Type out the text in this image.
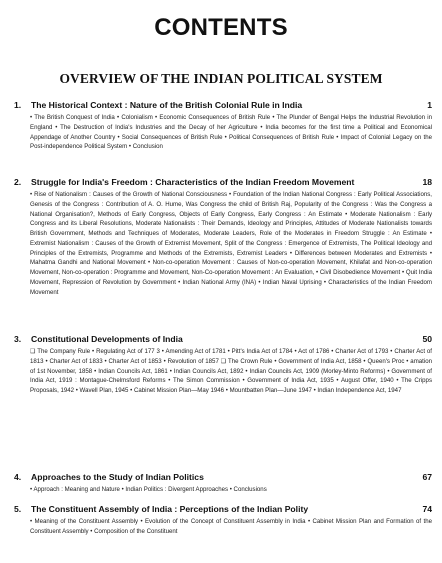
CONTENTS
OVERVIEW OF THE INDIAN POLITICAL SYSTEM
1. The Historical Context : Nature of the British Colonial Rule in India	1
• The British Conquest of India • Colonialism • Economic Consequences of British Rule • The Plunder of Bengal Helps the Industrial Revolution in England • The Destruction of India's Industries and the Decay of her Agriculture • India becomes for the first time a Political and Economical Appendage of Another Country • Social Consequences of British Rule • Political Consequences of British Rule • Impact of Colonial Legacy on the Post-independence Political System • Conclusion
2. Struggle for India's Freedom : Characteristics of the Indian Freedom Movement	18
• Rise of Nationalism : Causes of the Growth of National Consciousness • Foundation of the Indian National Congress : Early Political Associations, Genesis of the Congress : Contribution of A. O. Hume, Was Congress the child of British Raj, Popularity of the Congress : Was the Congress a National Organisation?, Methods of Early Congress, Objects of Early Congress, Early Congress : An Estimate • Moderate Nationalism : Early Congress and its Liberal Resolutions, Moderate Nationalists : Their Demands, Ideology and Principles, Attitudes of Moderate Nationalists towards British Government, Methods and Techniques of Moderates, Moderate Leaders, Role of the Moderates in Freedom Struggle : An Estimate • Extremist Nationalism : Causes of the Growth of Extremist Movement, Split of the Congress : Emergence of Extremists, The Political Ideology and Principles of the Extremists, Programme and Methods of the Extremists, Extremist Leaders • Differences between Moderates and Extremists • Mahatma Gandhi and National Movement • Non-co-operation Movement : Causes of Non-co-operation Movement, Khilafat and Non-co-operation Movement, Non-co-operation : Programme and Movement, Non-Co-operation Movement : An Evaluation, • Civil Disobedience Movement • Quit India Movement, Repression of Revolution by Government • Indian National Army (INA) • Indian Naval Uprising • Characteristics of the Indian Freedom Movement
3. Constitutional Developments of India	50
❑ The Company Rule • Regulating Act of 177 3 • Amending Act of 1781 • Pitt's India Act of 1784 • Act of 1786 • Charter Act of 1793 • Charter Act of 1813 • Charter Act of 1833 • Charter Act of 1853 • Revolution of 1857 ❑ The Crown Rule • Government of India Act, 1858 • Queen's Proc • amation of 1st November, 1858 • Indian Councils Act, 1861 • Indian Councils Act, 1892 • Indian Councils Act, 1909 (Morley-Minto Reforms) • Government of India Act, 1919 : Montague-Chelmsford Reforms • The Simon Commission • Government of India Act, 1935 • August Offer, 1940 • The Cripps Proposals, 1942 • Wavell Plan, 1945 • Cabinet Mission Plan—May 1946 • Mountbatten Plan—June 1947 • Indian Independence Act, 1947
4. Approaches to the Study of Indian Politics	67
• Approach : Meaning and Nature • Indian Politics : Divergent Approaches • Conclusions
5. The Constituent Assembly of India : Perceptions of the Indian Polity	74
• Meaning of the Constituent Assembly • Evolution of the Concept of Constituent Assembly in India • Cabinet Mission Plan and Formation of the Constituent Assembly • Composition of the Constituent
